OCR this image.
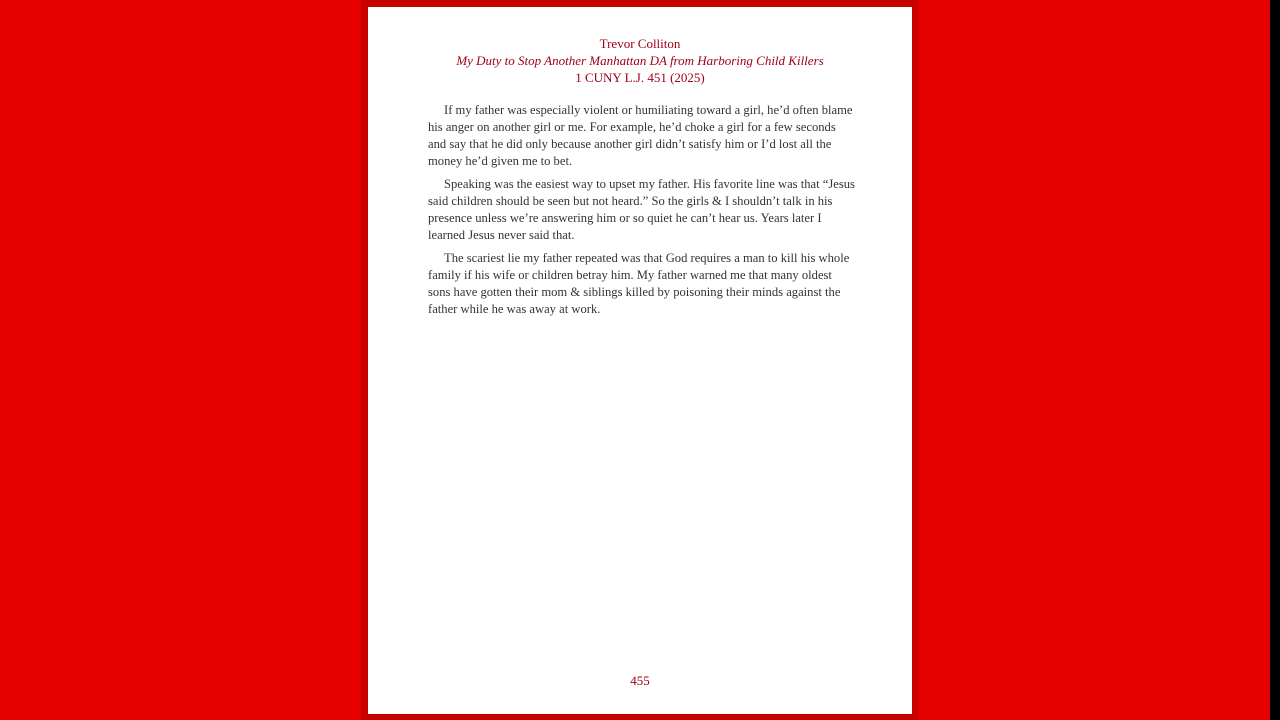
Trevor Colliton
My Duty to Stop Another Manhattan DA from Harboring Child Killers
1 CUNY L.J. 451 (2025)

If my father was especially violent or humiliating toward a girl, he’d often blame his anger on another girl or me. For example, he’d choke a girl for a few seconds and say that he did only because another girl didn’t satisfy him or I’d lost all the money he’d given me to bet.

Speaking was the easiest way to upset my father. His favorite line was that “Jesus said children should be seen but not heard.” So the girls & I shouldn’t talk in his presence unless we’re answering him or so quiet he can’t hear us. Years later I learned Jesus never said that.

The scariest lie my father repeated was that God requires a man to kill his whole family if his wife or children betray him. My father warned me that many oldest sons have gotten their mom & siblings killed by poisoning their minds against the father while he was away at work.

455
